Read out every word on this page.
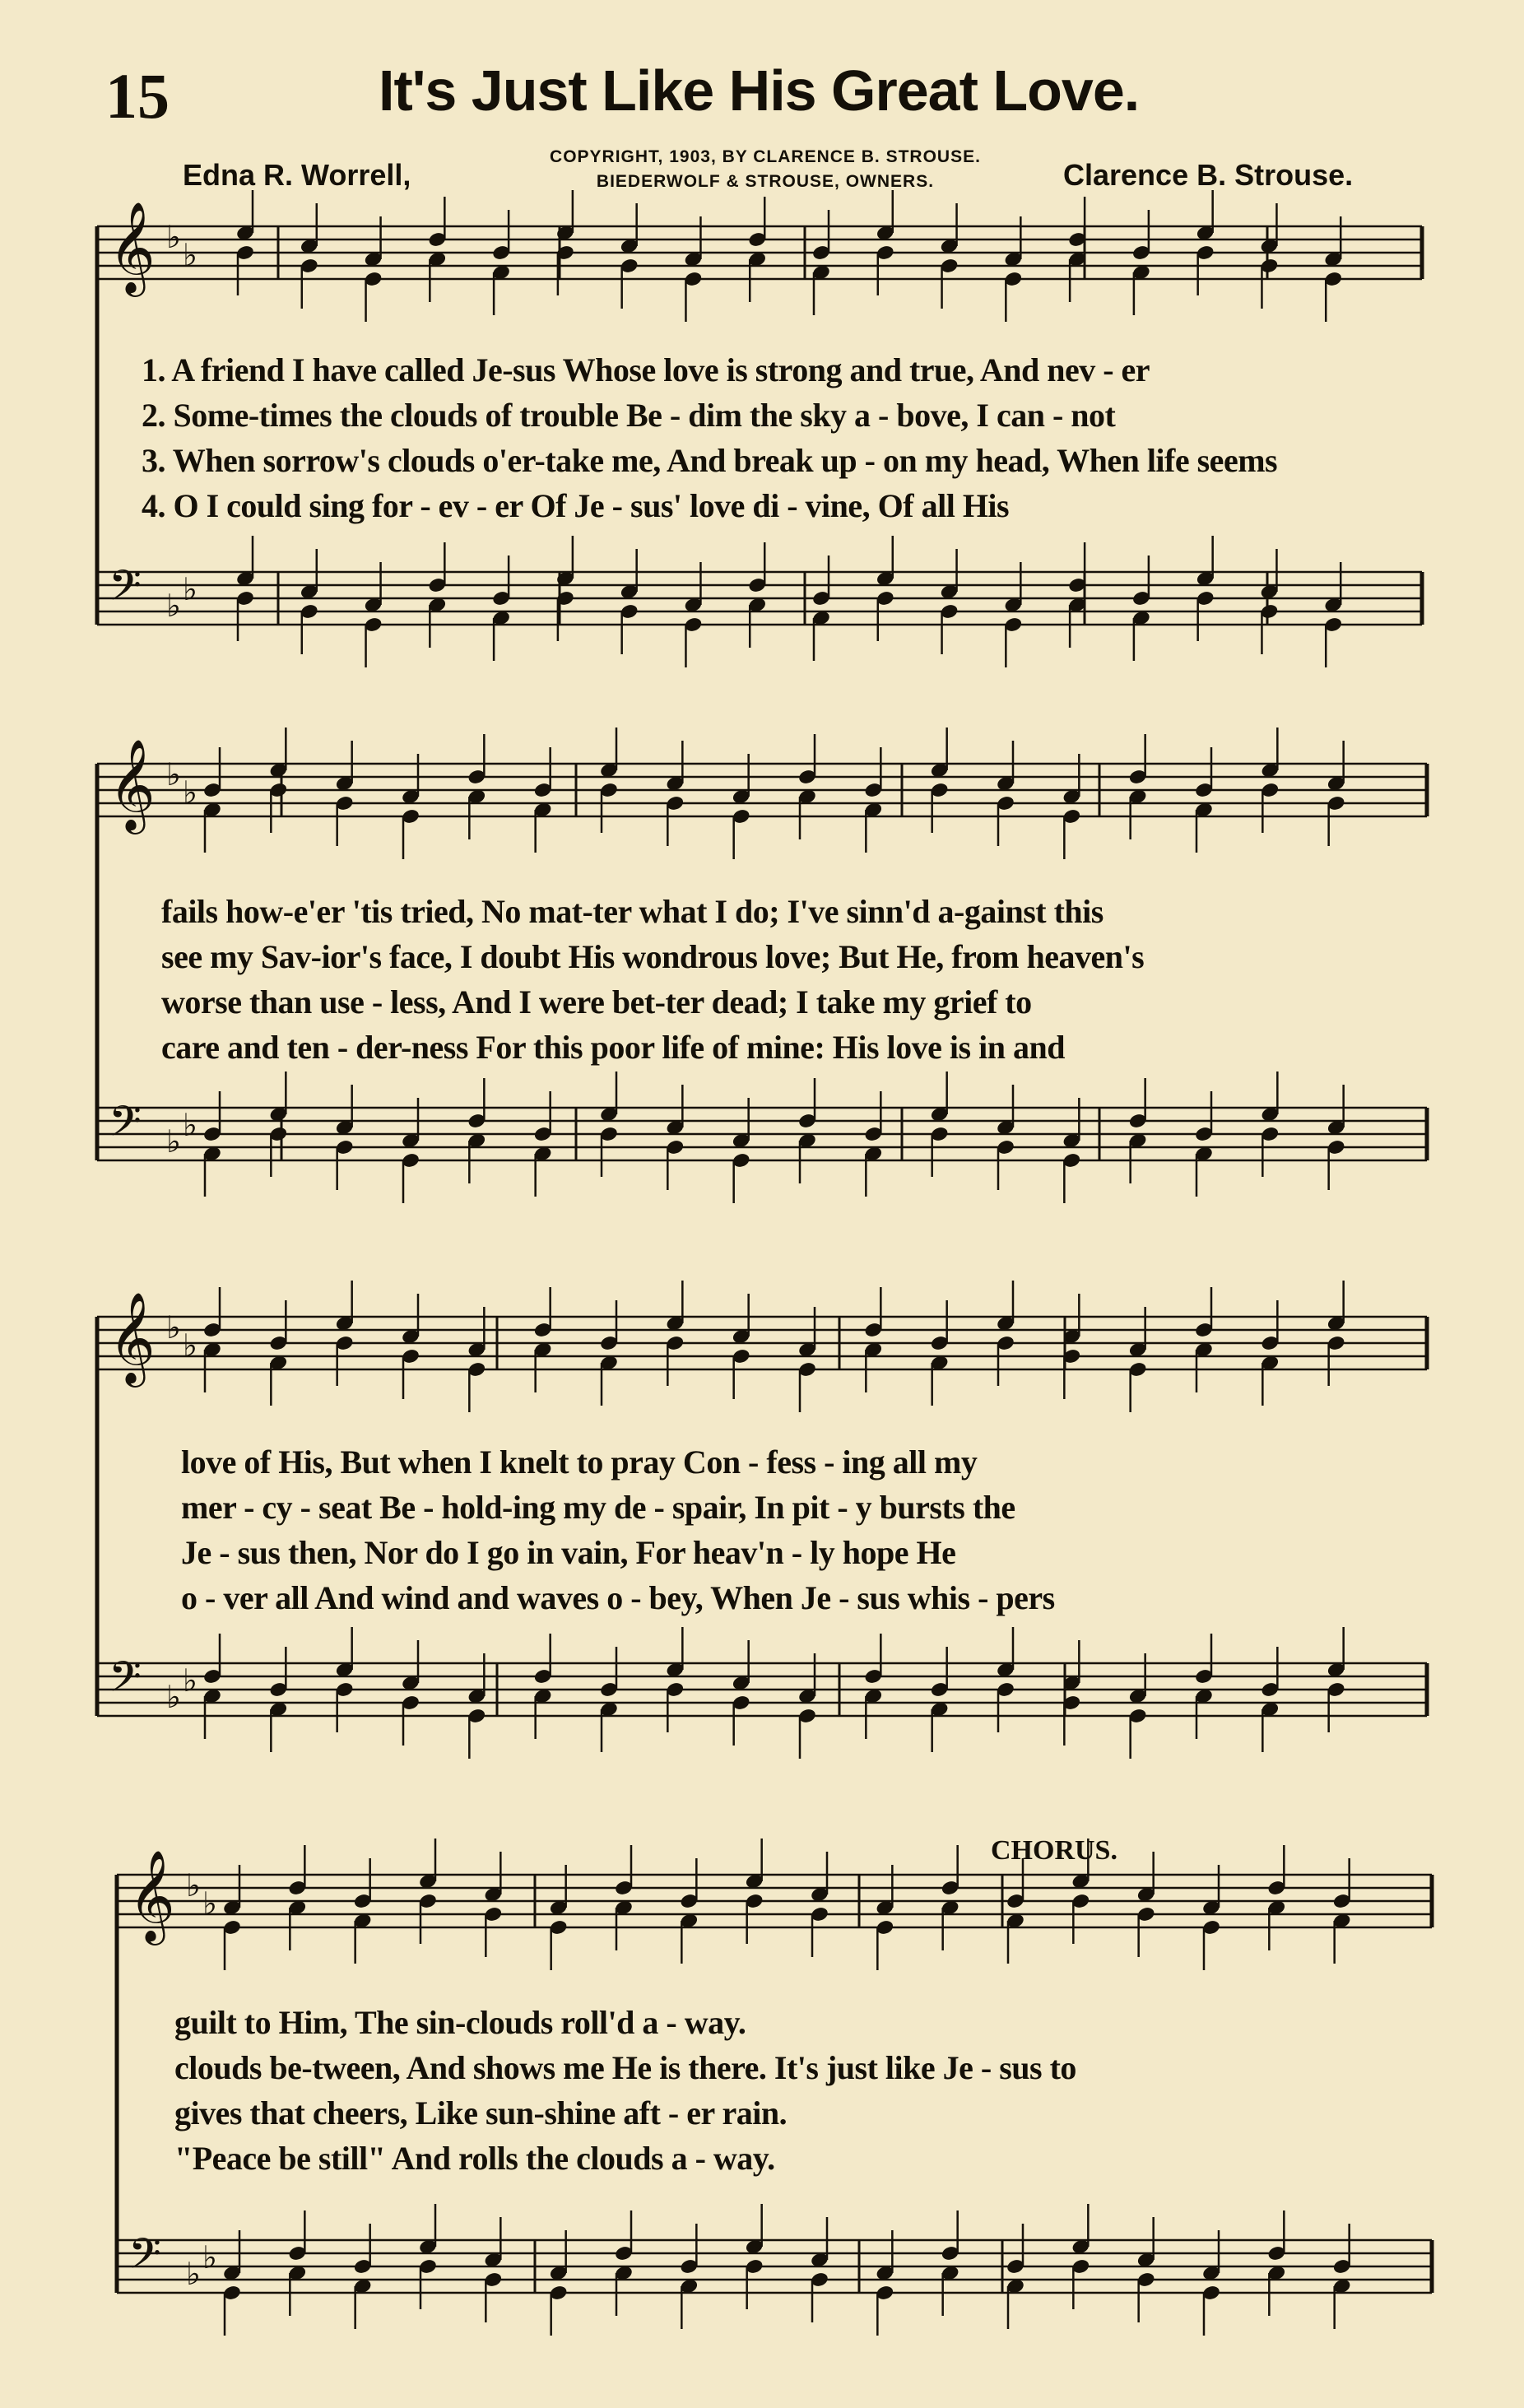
15	It's Just Like His Great Love.
Edna R. Worrell,
COPYRIGHT, 1903, BY CLARENCE B. STROUSE.
BIEDERWOLF & STROUSE, OWNERS.	Clarence B. Strouse.
CHORUS.
𝄞 ♭ ♭
𝄢 ♭ ♭
𝄞 ♭ ♭
𝄢 ♭ ♭
𝄞 ♭ ♭
𝄢 ♭ ♭
𝄞 ♭ ♭
𝄢 ♭ ♭
1. A friend I have called Je-sus Whose love is strong and true, And nev - er
2. Some-times the clouds of trouble Be - dim the sky a - bove, I can - not
3. When sorrow's clouds o'er-take me, And break up - on my head, When life seems
4. O I could sing for - ev - er Of Je - sus' love di - vine, Of all His
fails how-e'er 'tis tried, No mat-ter what I do; I've sinn'd a-gainst this
see my Sav-ior's face, I doubt His wondrous love; But He, from heaven's
worse than use - less, And I were bet-ter dead; I take my grief to
care and ten - der-ness For this poor life of mine: His love is in and
love of His, But when I knelt to pray Con - fess - ing all my
mer - cy - seat Be - hold-ing my de - spair, In pit - y bursts the
Je - sus then, Nor do I go in vain, For heav'n - ly hope He
o - ver all And wind and waves o - bey, When Je - sus whis - pers
guilt to Him, The sin-clouds roll'd a - way.
clouds be-tween, And shows me He is there. It's just like Je - sus to
gives that cheers, Like sun-shine aft - er rain.
"Peace be still" And rolls the clouds a - way.
